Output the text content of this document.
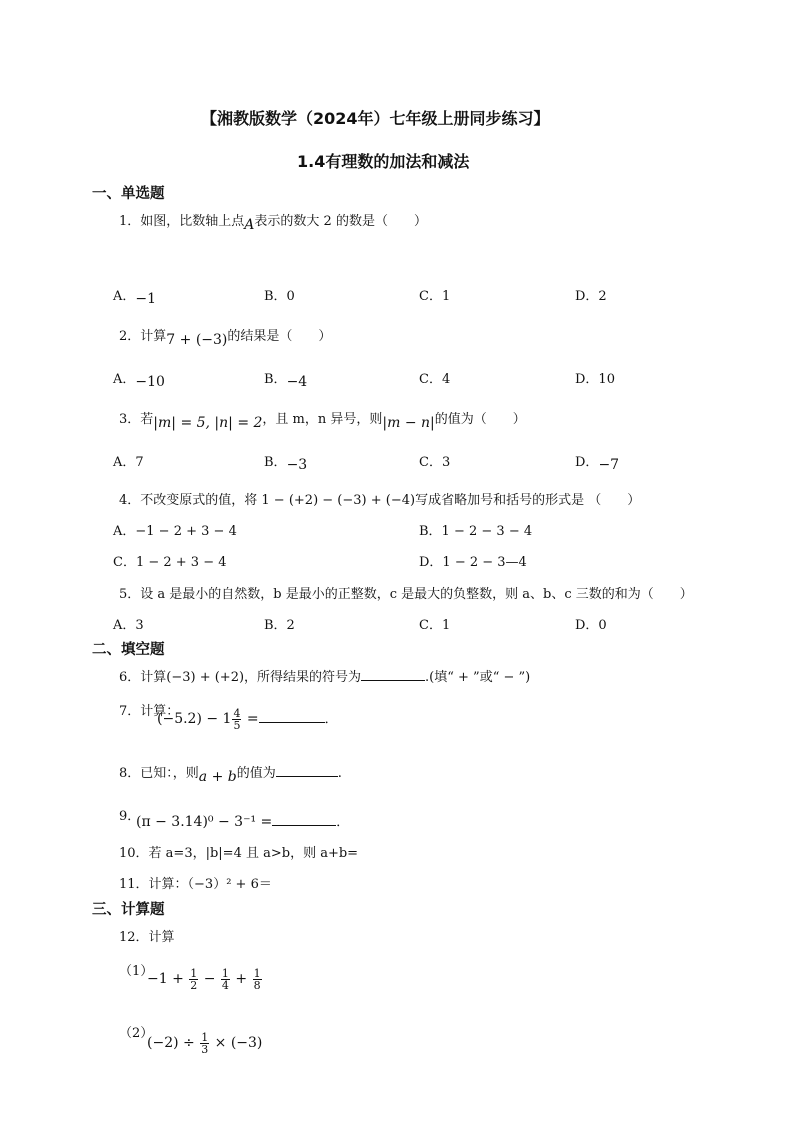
【湘教版数学（2024年）七年级上册同步练习】
1.4有理数的加法和减法
一、单选题
1．如图，比数轴上点A表示的数大 2 的数是（　　）
A．−1	B．0	C．1	D．2
2．计算7 + (−3)的结果是（　　）
A．−10	B．−4	C．4	D．10
3．若|m| = 5, |n| = 2，且 m，n 异号，则|m − n|的值为（　　）
A．7	B．−3	C．3	D．−7
4．不改变原式的值，将 1 − (+2) − (−3) + (−4)写成省略加号和括号的形式是 （　　）
A．−1 − 2 + 3 − 4	B．1 − 2 − 3 − 4
C．1 − 2 + 3 − 4	D．1 − 2 − 3—4
5．设 a 是最小的自然数，b 是最小的正整数，c 是最大的负整数，则 a、b、c 三数的和为（　　）
A．3	B．2	C．1	D．0
二、填空题
6．计算(−3) + (+2)，所得结果的符号为	.(填“ + ”或“ − ”)
7．计算：
$(-5.2) - 1 \frac{4}{5}$ =	．
8．已知：，则a + b的值为	.
9．
(π − 3.14)⁰ − 3⁻¹ =	．
10．若 a=3，|b|=4 且 a>b，则 a+b=
11．计算：（−3）² + 6＝
三、计算题
12．计算
（1）
$-1 + \frac{1}{2} - \frac{1}{4} + \frac{1}{8}$
（2）
$(-2) \div \frac{1}{3} \times (-3)$
